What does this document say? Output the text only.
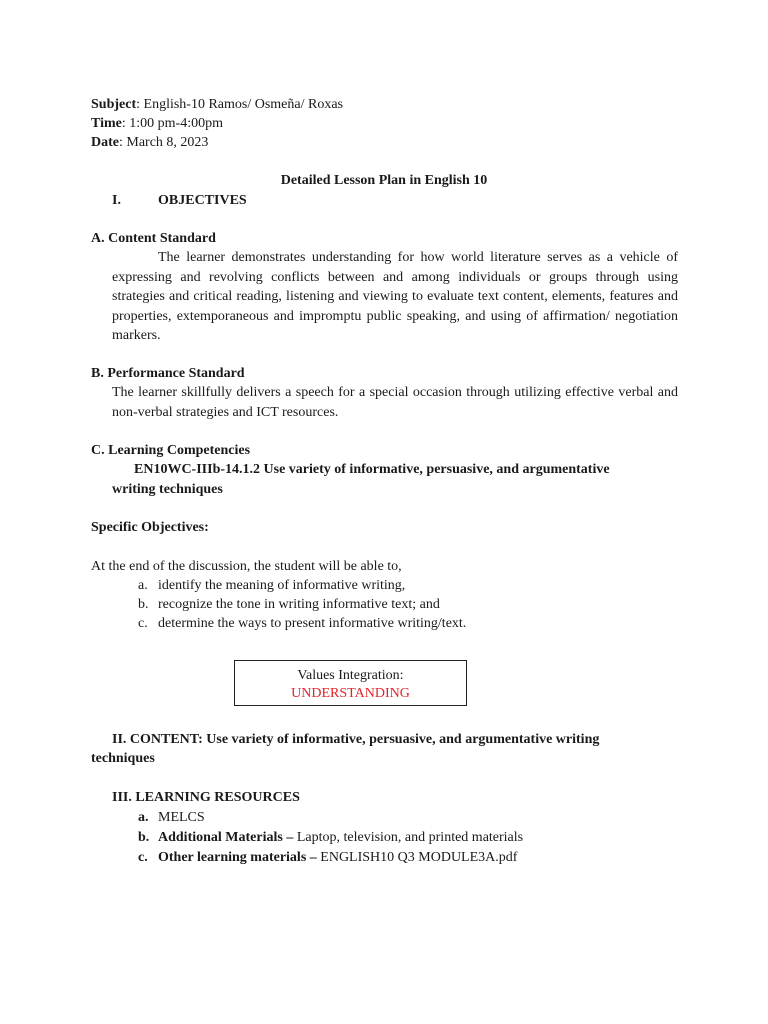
Subject: English-10 Ramos/ Osmeña/ Roxas
Time: 1:00 pm-4:00pm
Date: March 8, 2023
Detailed Lesson Plan in English 10
I.	OBJECTIVES
A. Content Standard
The learner demonstrates understanding for how world literature serves as a vehicle of expressing and revolving conflicts between and among individuals or groups through using strategies and critical reading, listening and viewing to evaluate text content, elements, features and properties, extemporaneous and impromptu public speaking, and using of affirmation/ negotiation markers.
B. Performance Standard
The learner skillfully delivers a speech for a special occasion through utilizing effective verbal and non-verbal strategies and ICT resources.
C. Learning Competencies
EN10WC-IIIb-14.1.2 Use variety of informative, persuasive, and argumentative
writing techniques
Specific Objectives:
At the end of the discussion, the student will be able to,
a. identify the meaning of informative writing,
b. recognize the tone in writing informative text; and
c. determine the ways to present informative writing/text.
Values Integration:
UNDERSTANDING
II. CONTENT: Use variety of informative, persuasive, and argumentative writing
techniques
III. LEARNING RESOURCES
a. MELCS
b. Additional Materials – Laptop, television, and printed materials
c. Other learning materials – ENGLISH10 Q3 MODULE3A.pdf
